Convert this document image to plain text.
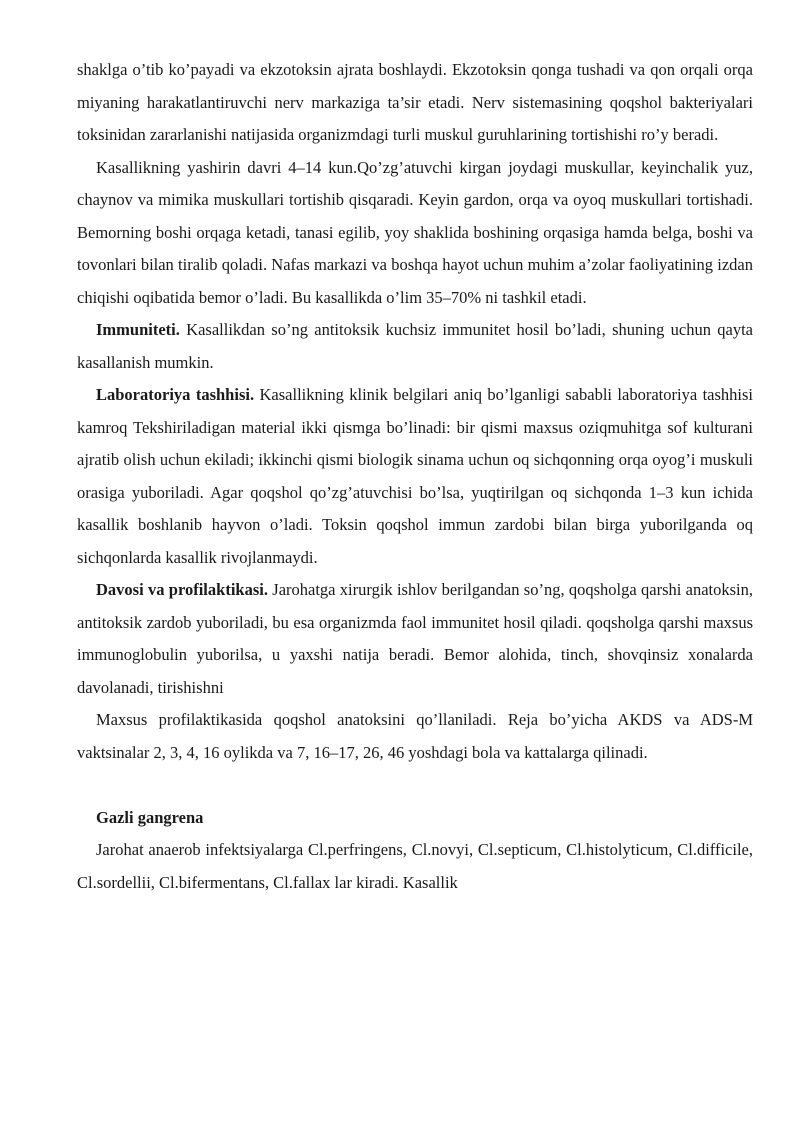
shaklga o’tib ko’payadi va ekzotoksin ajrata boshlaydi. Ekzotoksin qonga tushadi va qon orqali orqa miyaning harakatlantiruvchi nerv markaziga ta’sir etadi. Nerv sistemasining qoqshol bakteriyalari toksinidan zararlanishi natijasida organizmdagi turli muskul guruhlarining tortishishi ro’y beradi.

Kasallikning yashirin davri 4–14 kun.Qo’zg’atuvchi kirgan joydagi muskullar, keyinchalik yuz, chaynov va mimika muskullari tortishib qisqaradi. Keyin gardon, orqa va oyoq muskullari tortishadi. Bemorning boshi orqaga ketadi, tanasi egilib, yoy shaklida boshining orqasiga hamda belga, boshi va tovonlari bilan tiralib qoladi. Nafas markazi va boshqa hayot uchun muhim a’zolar faoliyatining izdan chiqishi oqibatida bemor o’ladi. Bu kasallikda o’lim 35–70% ni tashkil etadi.

Immuniteti. Kasallikdan so’ng antitoksik kuchsiz immunitet hosil bo’ladi, shuning uchun qayta kasallanish mumkin.

Laboratoriya tashhisi. Kasallikning klinik belgilari aniq bo’lganligi sababli laboratoriya tashhisi kamroq Tekshiriladigan material ikki qismga bo’linadi: bir qismi maxsus oziqmuhitga sof kulturani ajratib olish uchun ekiladi; ikkinchi qismi biologik sinama uchun oq sichqonning orqa oyog’i muskuli orasiga yuboriladi. Agar qoqshol qo’zg’atuvchisi bo’lsa, yuqtirilgan oq sichqonda 1–3 kun ichida kasallik boshlanib hayvon o’ladi. Toksin qoqshol immun zardobi bilan birga yuborilganda oq sichqonlarda kasallik rivojlanmaydi.

Davosi va profilaktikasi. Jarohatga xirurgik ishlov berilgandan so’ng, qoqsholga qarshi anatoksin, antitoksik zardob yuboriladi, bu esa organizmda faol immunitet hosil qiladi. qoqsholga qarshi maxsus immunoglobulin yuborilsa, u yaxshi natija beradi. Bemor alohida, tinch, shovqinsiz xonalarda davolanadi, tirishishni

Maxsus profilaktikasida qoqshol anatoksini qo’llaniladi. Reja bo’yicha AKDS va ADS-M vaktsinalar 2, 3, 4, 16 oylikda va 7, 16–17, 26, 46 yoshdagi bola va kattalarga qilinadi.

Gazli gangrena

Jarohat anaerob infektsiyalarga Cl.perfringens, Cl.novyi, Cl.septicum, Cl.histolyticum, Cl.difficile, Cl.sordellii, Cl.bifermentans, Cl.fallax lar kiradi. Kasallik
